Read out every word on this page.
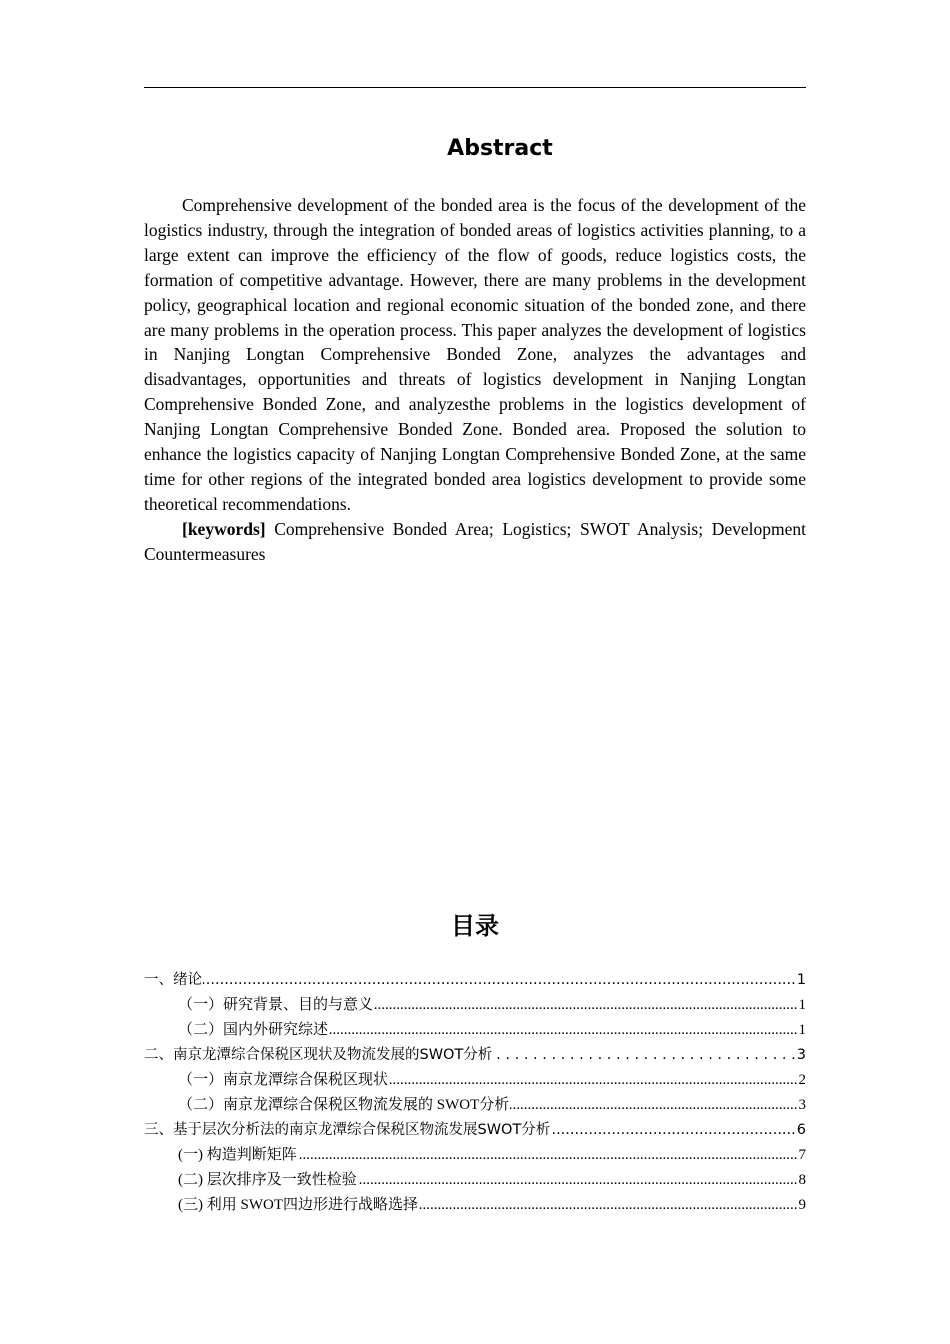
Abstract

Comprehensive development of the bonded area is the focus of the development of the logistics industry, through the integration of bonded areas of logistics activities planning, to a large extent can improve the efficiency of the flow of goods, reduce logistics costs, the formation of competitive advantage. However, there are many problems in the development policy, geographical location and regional economic situation of the bonded zone, and there are many problems in the operation process. This paper analyzes the development of logistics in Nanjing Longtan Comprehensive Bonded Zone, analyzes the advantages and disadvantages, opportunities and threats of logistics development in Nanjing Longtan Comprehensive Bonded Zone, and analyzesthe problems in the logistics development of Nanjing Longtan Comprehensive Bonded Zone. Bonded area. Proposed the solution to enhance the logistics capacity of Nanjing Longtan Comprehensive Bonded Zone, at the same time for other regions of the integrated bonded area logistics development to provide some theoretical recommendations.

[keywords] Comprehensive Bonded Area; Logistics; SWOT Analysis; Development Countermeasures

目录
一、绪论 .....	1
（一）研究背景、目的与意义 .....	1
（二）国内外研究综述 .....	1
二、南京龙潭综合保税区现状及物流发展的SWOT分析 . . .	3
（一）南京龙潭综合保税区现状 .....	2
（二）南京龙潭综合保税区物流发展的 SWOT分析 .....	3
三、基于层次分析法的南京龙潭综合保税区物流发展SWOT分析 .....	6
(一) 构造判断矩阵 .....	7
(二) 层次排序及一致性检验 .....	8
(三) 利用 SWOT四边形进行战略选择 .....	9
